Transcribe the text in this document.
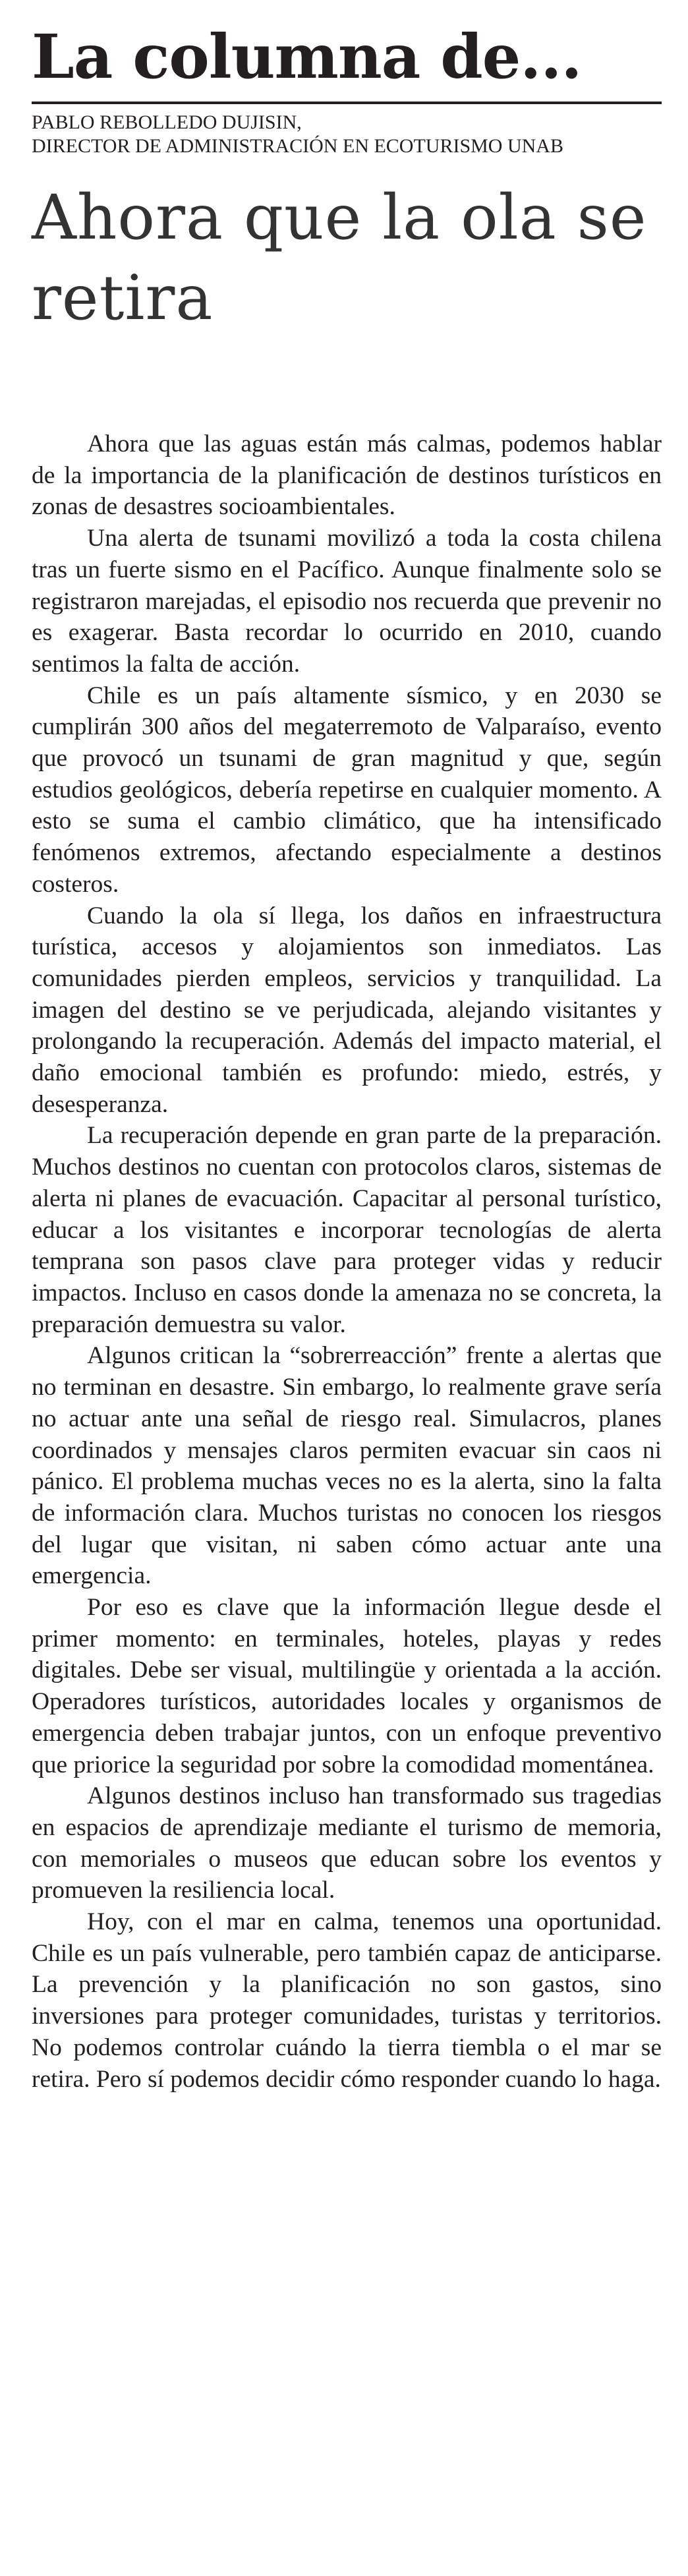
La columna de...

PABLO REBOLLEDO DUJISIN,

DIRECTOR DE ADMINISTRACIÓN EN ECOTURISMO UNAB

Ahora que la ola se retira

Ahora que las aguas están más calmas, podemos hablar de la importancia de la planificación de destinos turísticos en zonas de desastres socioambientales.

Una alerta de tsunami movilizó a toda la costa chilena tras un fuerte sismo en el Pacífico. Aunque finalmente solo se registraron marejadas, el episodio nos recuerda que prevenir no es exagerar. Basta recordar lo ocurrido en 2010, cuando sentimos la falta de acción.

Chile es un país altamente sísmico, y en 2030 se cumplirán 300 años del megaterremoto de Valparaíso, evento que provocó un tsunami de gran magnitud y que, según estudios geológicos, debería repetirse en cualquier momento. A esto se suma el cambio climático, que ha intensificado fenómenos extremos, afectando especialmente a destinos costeros.

Cuando la ola sí llega, los daños en infraestructura turística, accesos y alojamientos son inmediatos. Las comunidades pierden empleos, servicios y tranquilidad. La imagen del destino se ve perjudicada, alejando visitantes y prolongando la recuperación. Además del impacto material, el daño emocional también es profundo: miedo, estrés, y desesperanza.

La recuperación depende en gran parte de la preparación. Muchos destinos no cuentan con protocolos claros, sistemas de alerta ni planes de evacuación. Capacitar al personal turístico, educar a los visitantes e incorporar tecnologías de alerta temprana son pasos clave para proteger vidas y reducir impactos. Incluso en casos donde la amenaza no se concreta, la preparación demuestra su valor.

Algunos critican la “sobrerreacción” frente a alertas que no terminan en desastre. Sin embargo, lo realmente grave sería no actuar ante una señal de riesgo real. Simulacros, planes coordinados y mensajes claros permiten evacuar sin caos ni pánico. El problema muchas veces no es la alerta, sino la falta de información clara. Muchos turistas no conocen los riesgos del lugar que visitan, ni saben cómo actuar ante una emergencia.

Por eso es clave que la información llegue desde el primer momento: en terminales, hoteles, playas y redes digitales. Debe ser visual, multilingüe y orientada a la acción. Operadores turísticos, autoridades locales y organismos de emergencia deben trabajar juntos, con un enfoque preventivo que priorice la seguridad por sobre la comodidad momentánea.

Algunos destinos incluso han transformado sus tragedias en espacios de aprendizaje mediante el turismo de memoria, con memoriales o museos que educan sobre los eventos y promueven la resiliencia local.

Hoy, con el mar en calma, tenemos una oportunidad. Chile es un país vulnerable, pero también capaz de anticiparse. La prevención y la planificación no son gastos, sino inversiones para proteger comunidades, turistas y territorios. No podemos controlar cuándo la tierra tiembla o el mar se retira. Pero sí podemos decidir cómo responder cuando lo haga.
